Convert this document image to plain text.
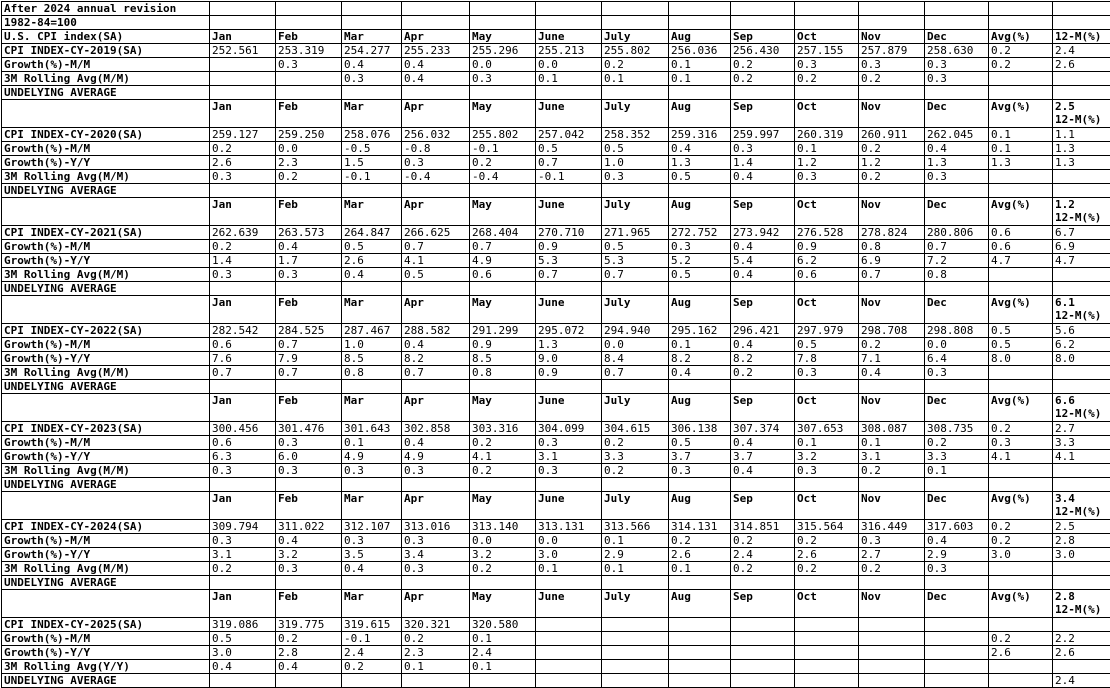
After 2024 annual revision														
1982-84=100														
U.S. CPI index(SA)	Jan	Feb	Mar	Apr	May	June	July	Aug	Sep	Oct	Nov	Dec	Avg(%)	12-M(%)
CPI INDEX-CY-2019(SA)	252.561	253.319	254.277	255.233	255.296	255.213	255.802	256.036	256.430	257.155	257.879	258.630	0.2	2.4
Growth(%)-M/M		0.3	0.4	0.4	0.0	0.0	0.2	0.1	0.2	0.3	0.3	0.3	0.2	2.6
3M Rolling Avg(M/M)			0.3	0.4	0.3	0.1	0.1	0.1	0.2	0.2	0.2	0.3		
UNDELYING AVERAGE														
	Jan	Feb	Mar	Apr	May	June	July	Aug	Sep	Oct	Nov	Dec	Avg(%)	2.5
12-M(%)

CPI INDEX-CY-2020(SA)	259.127	259.250	258.076	256.032	255.802	257.042	258.352	259.316	259.997	260.319	260.911	262.045	0.1	1.1
Growth(%)-M/M	0.2	0.0	-0.5	-0.8	-0.1	0.5	0.5	0.4	0.3	0.1	0.2	0.4	0.1	1.3
Growth(%)-Y/Y	2.6	2.3	1.5	0.3	0.2	0.7	1.0	1.3	1.4	1.2	1.2	1.3	1.3	1.3
3M Rolling Avg(M/M)	0.3	0.2	-0.1	-0.4	-0.4	-0.1	0.3	0.5	0.4	0.3	0.2	0.3		
UNDELYING AVERAGE														
	Jan	Feb	Mar	Apr	May	June	July	Aug	Sep	Oct	Nov	Dec	Avg(%)	1.2
12-M(%)

CPI INDEX-CY-2021(SA)	262.639	263.573	264.847	266.625	268.404	270.710	271.965	272.752	273.942	276.528	278.824	280.806	0.6	6.7
Growth(%)-M/M	0.2	0.4	0.5	0.7	0.7	0.9	0.5	0.3	0.4	0.9	0.8	0.7	0.6	6.9
Growth(%)-Y/Y	1.4	1.7	2.6	4.1	4.9	5.3	5.3	5.2	5.4	6.2	6.9	7.2	4.7	4.7
3M Rolling Avg(M/M)	0.3	0.3	0.4	0.5	0.6	0.7	0.7	0.5	0.4	0.6	0.7	0.8		
UNDELYING AVERAGE														
	Jan	Feb	Mar	Apr	May	June	July	Aug	Sep	Oct	Nov	Dec	Avg(%)	6.1
12-M(%)

CPI INDEX-CY-2022(SA)	282.542	284.525	287.467	288.582	291.299	295.072	294.940	295.162	296.421	297.979	298.708	298.808	0.5	5.6
Growth(%)-M/M	0.6	0.7	1.0	0.4	0.9	1.3	0.0	0.1	0.4	0.5	0.2	0.0	0.5	6.2
Growth(%)-Y/Y	7.6	7.9	8.5	8.2	8.5	9.0	8.4	8.2	8.2	7.8	7.1	6.4	8.0	8.0
3M Rolling Avg(M/M)	0.7	0.7	0.8	0.7	0.8	0.9	0.7	0.4	0.2	0.3	0.4	0.3		
UNDELYING AVERAGE														
	Jan	Feb	Mar	Apr	May	June	July	Aug	Sep	Oct	Nov	Dec	Avg(%)	6.6
12-M(%)

CPI INDEX-CY-2023(SA)	300.456	301.476	301.643	302.858	303.316	304.099	304.615	306.138	307.374	307.653	308.087	308.735	0.2	2.7
Growth(%)-M/M	0.6	0.3	0.1	0.4	0.2	0.3	0.2	0.5	0.4	0.1	0.1	0.2	0.3	3.3
Growth(%)-Y/Y	6.3	6.0	4.9	4.9	4.1	3.1	3.3	3.7	3.7	3.2	3.1	3.3	4.1	4.1
3M Rolling Avg(M/M)	0.3	0.3	0.3	0.3	0.2	0.3	0.2	0.3	0.4	0.3	0.2	0.1		
UNDELYING AVERAGE														
	Jan	Feb	Mar	Apr	May	June	July	Aug	Sep	Oct	Nov	Dec	Avg(%)	3.4
12-M(%)

CPI INDEX-CY-2024(SA)	309.794	311.022	312.107	313.016	313.140	313.131	313.566	314.131	314.851	315.564	316.449	317.603	0.2	2.5
Growth(%)-M/M	0.3	0.4	0.3	0.3	0.0	0.0	0.1	0.2	0.2	0.2	0.3	0.4	0.2	2.8
Growth(%)-Y/Y	3.1	3.2	3.5	3.4	3.2	3.0	2.9	2.6	2.4	2.6	2.7	2.9	3.0	3.0
3M Rolling Avg(M/M)	0.2	0.3	0.4	0.3	0.2	0.1	0.1	0.1	0.2	0.2	0.2	0.3		
UNDELYING AVERAGE														
	Jan	Feb	Mar	Apr	May	June	July	Aug	Sep	Oct	Nov	Dec	Avg(%)	2.8
12-M(%)

CPI INDEX-CY-2025(SA)	319.086	319.775	319.615	320.321	320.580									
Growth(%)-M/M	0.5	0.2	-0.1	0.2	0.1								0.2	2.2
Growth(%)-Y/Y	3.0	2.8	2.4	2.3	2.4								2.6	2.6
3M Rolling Avg(Y/Y)	0.4	0.4	0.2	0.1	0.1									
UNDELYING AVERAGE														2.4
